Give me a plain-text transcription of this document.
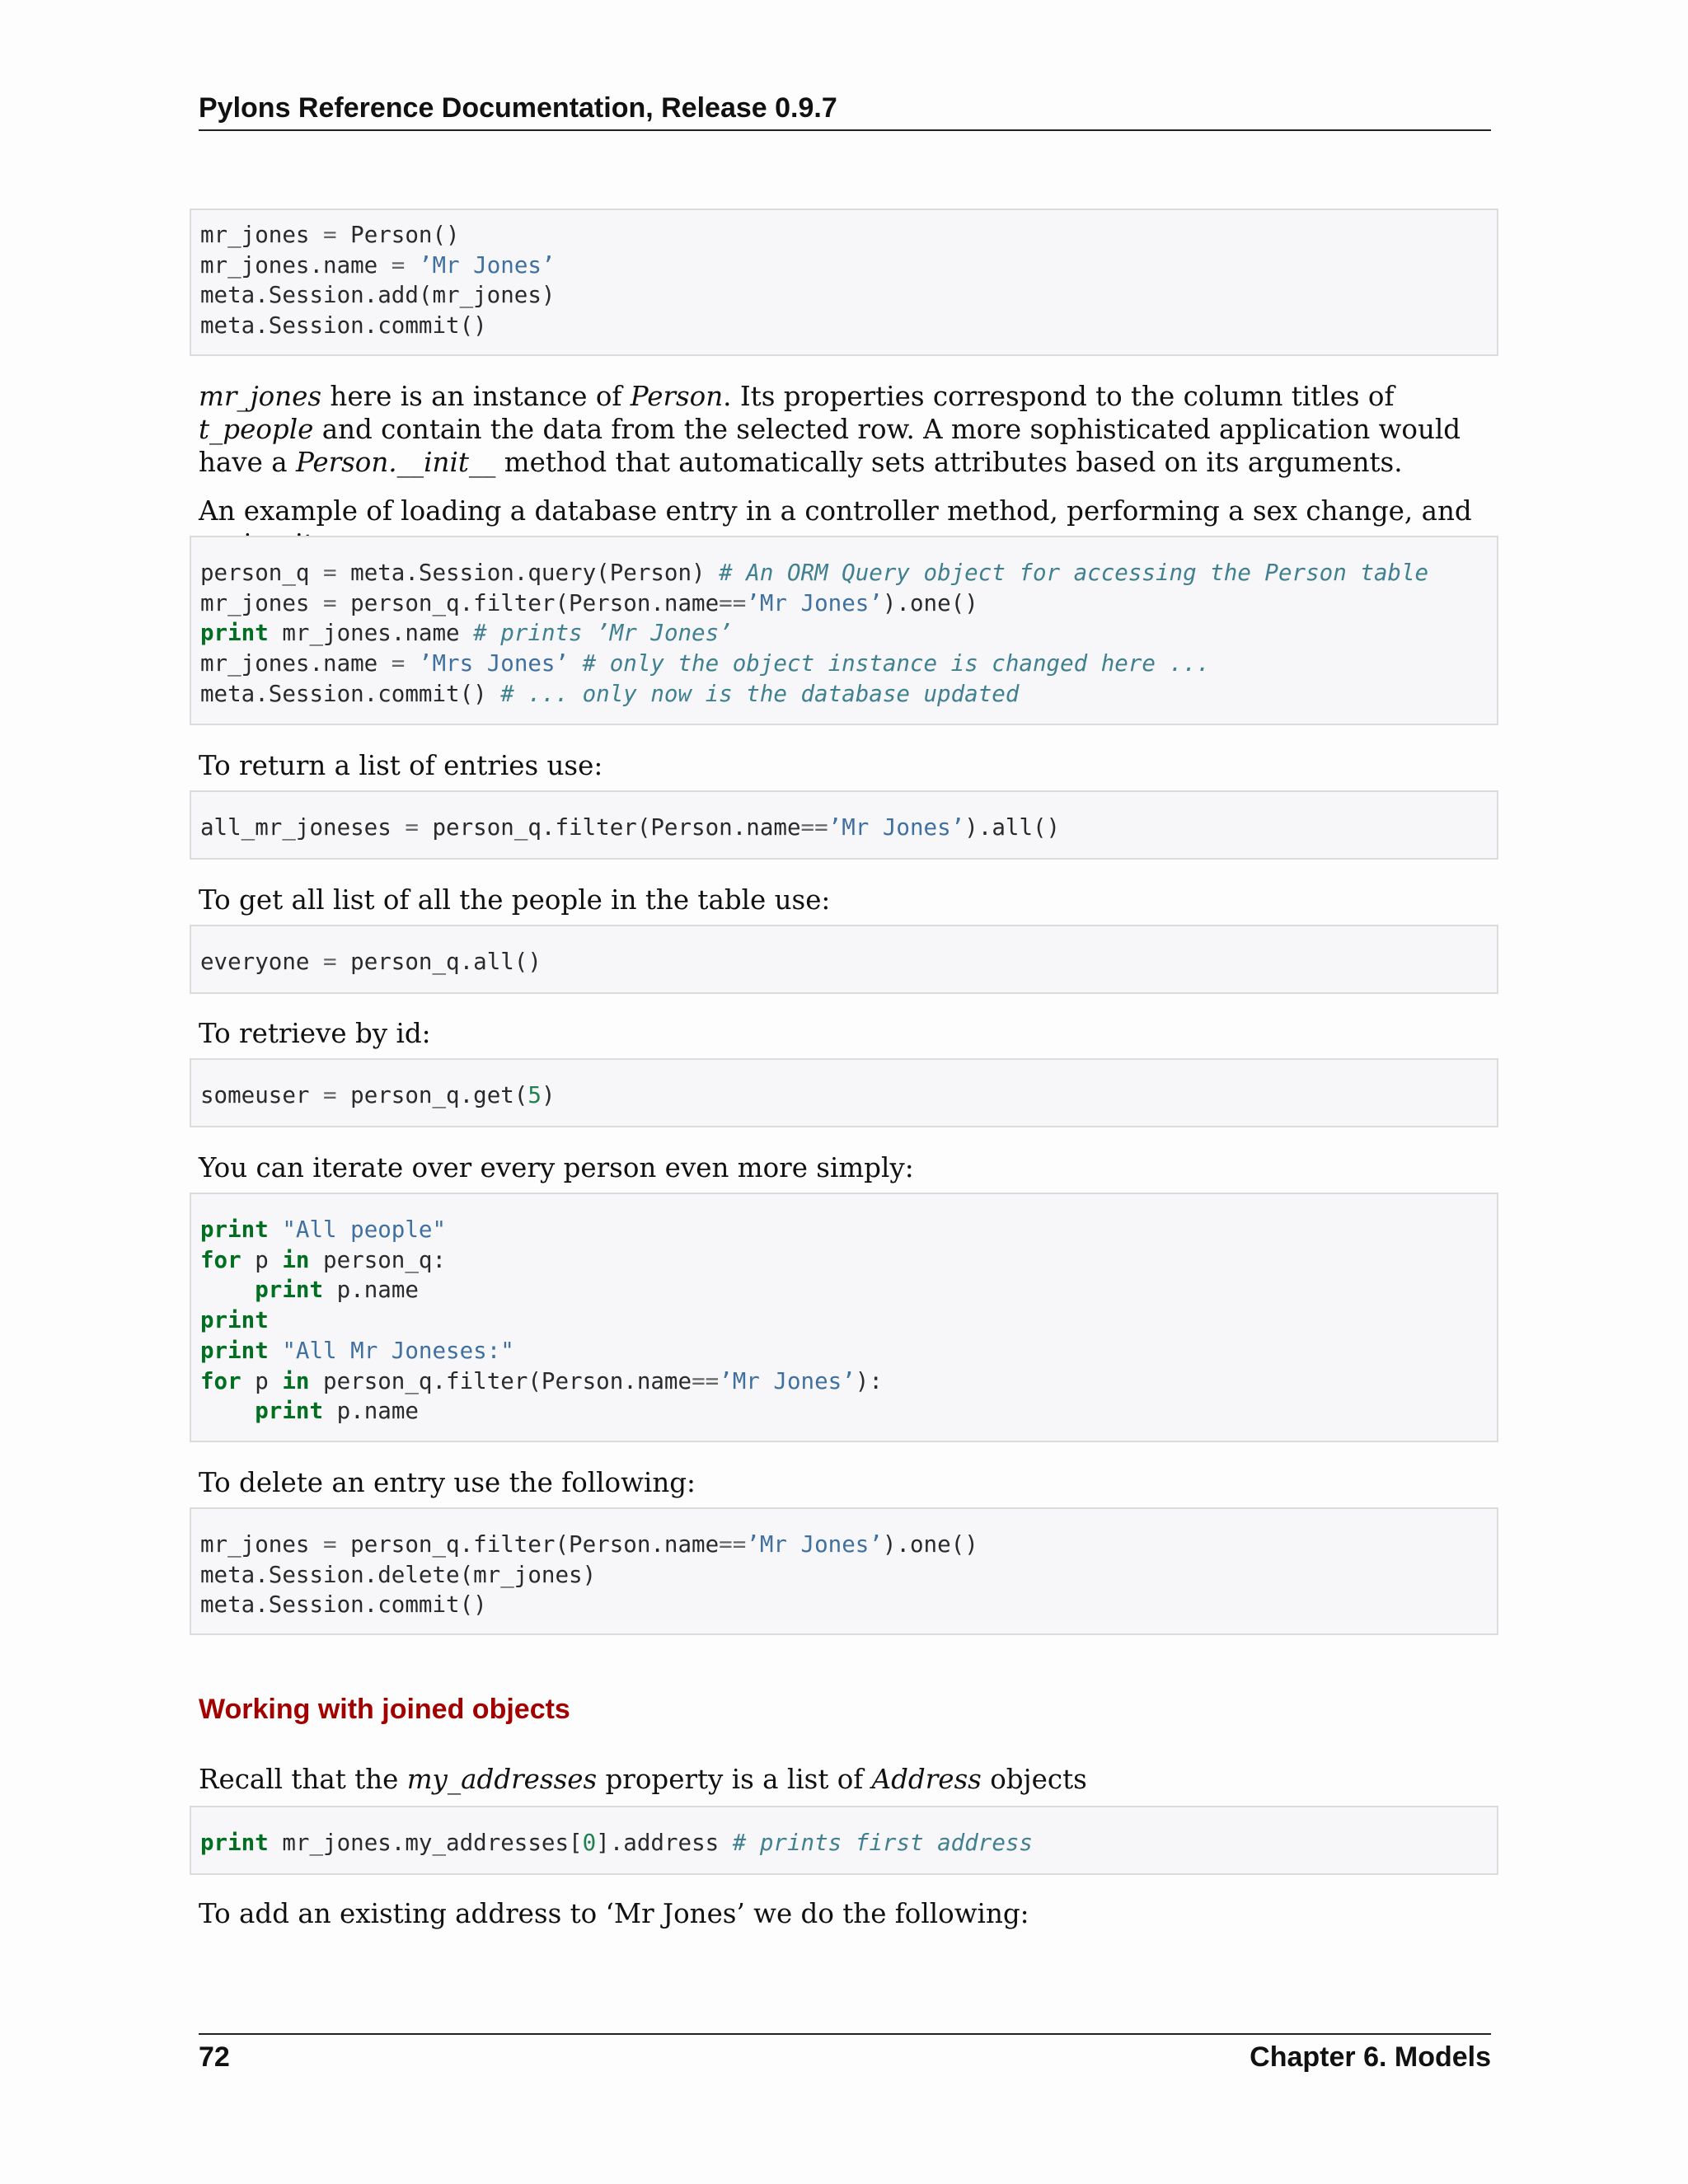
Pylons Reference Documentation, Release 0.9.7
mr_jones = Person()
mr_jones.name = ’Mr Jones’
meta.Session.add(mr_jones)
meta.Session.commit()

mr_jones here is an instance of Person. Its properties correspond to the column titles of t_people and contain the data from the selected row. A more sophisticated application would have a Person.__init__ method that automatically sets attributes based on its arguments.

An example of loading a database entry in a controller method, performing a sex change, and

person_q = meta.Session.query(Person) # An ORM Query object for accessing the Person table
mr_jones = person_q.filter(Person.name==’Mr Jones’).one()
print mr_jones.name # prints ’Mr Jones’
mr_jones.name = ’Mrs Jones’ # only the object instance is changed here ...
meta.Session.commit() # ... only now is the database updated

To return a list of entries use:

all_mr_joneses = person_q.filter(Person.name==’Mr Jones’).all()

To get all list of all the people in the table use:

everyone = person_q.all()

To retrieve by id:

someuser = person_q.get(5)

You can iterate over every person even more simply:

print "All people"
for p in person_q:
print p.name
print
print "All Mr Joneses:"
for p in person_q.filter(Person.name==’Mr Jones’):
print p.name

To delete an entry use the following:

mr_jones = person_q.filter(Person.name==’Mr Jones’).one()
meta.Session.delete(mr_jones)
meta.Session.commit()
Working with joined objects

Recall that the my_addresses property is a list of Address objects

print mr_jones.my_addresses[0].address # prints first address

To add an existing address to ‘Mr Jones’ we do the following:

72	Chapter 6. Models
